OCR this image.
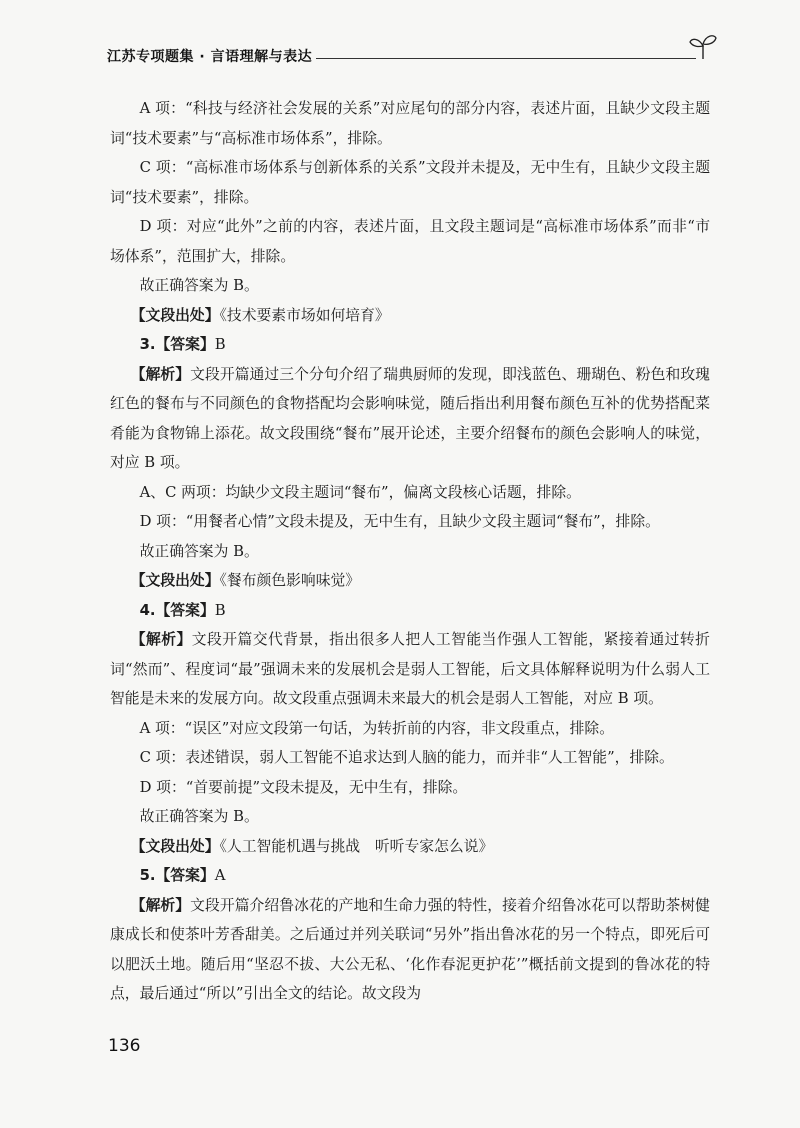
江苏专项题集 · 言语理解与表达

A 项：“科技与经济社会发展的关系”对应尾句的部分内容，表述片面，且缺少文段主题词“技术要素”与“高标准市场体系”，排除。

C 项：“高标准市场体系与创新体系的关系”文段并未提及，无中生有，且缺少文段主题词“技术要素”，排除。

D 项：对应“此外”之前的内容，表述片面，且文段主题词是“高标准市场体系”而非“市场体系”，范围扩大，排除。

故正确答案为 B。

【文段出处】《技术要素市场如何培育》

3.【答案】B

【解析】文段开篇通过三个分句介绍了瑞典厨师的发现，即浅蓝色、珊瑚色、粉色和玫瑰红色的餐布与不同颜色的食物搭配均会影响味觉，随后指出利用餐布颜色互补的优势搭配菜肴能为食物锦上添花。故文段围绕“餐布”展开论述，主要介绍餐布的颜色会影响人的味觉，对应 B 项。

A、C 两项：均缺少文段主题词“餐布”，偏离文段核心话题，排除。

D 项：“用餐者心情”文段未提及，无中生有，且缺少文段主题词“餐布”，排除。

故正确答案为 B。

【文段出处】《餐布颜色影响味觉》

4.【答案】B

【解析】文段开篇交代背景，指出很多人把人工智能当作强人工智能，紧接着通过转折词“然而”、程度词“最”强调未来的发展机会是弱人工智能，后文具体解释说明为什么弱人工智能是未来的发展方向。故文段重点强调未来最大的机会是弱人工智能，对应 B 项。

A 项：“误区”对应文段第一句话，为转折前的内容，非文段重点，排除。

C 项：表述错误，弱人工智能不追求达到人脑的能力，而并非“人工智能”，排除。

D 项：“首要前提”文段未提及，无中生有，排除。

故正确答案为 B。

【文段出处】《人工智能机遇与挑战　听听专家怎么说》

5.【答案】A

【解析】文段开篇介绍鲁冰花的产地和生命力强的特性，接着介绍鲁冰花可以帮助茶树健康成长和使茶叶芳香甜美。之后通过并列关联词“另外”指出鲁冰花的另一个特点，即死后可以肥沃土地。随后用“坚忍不拔、大公无私、‘化作春泥更护花’”概括前文提到的鲁冰花的特点，最后通过“所以”引出全文的结论。故文段为

136
